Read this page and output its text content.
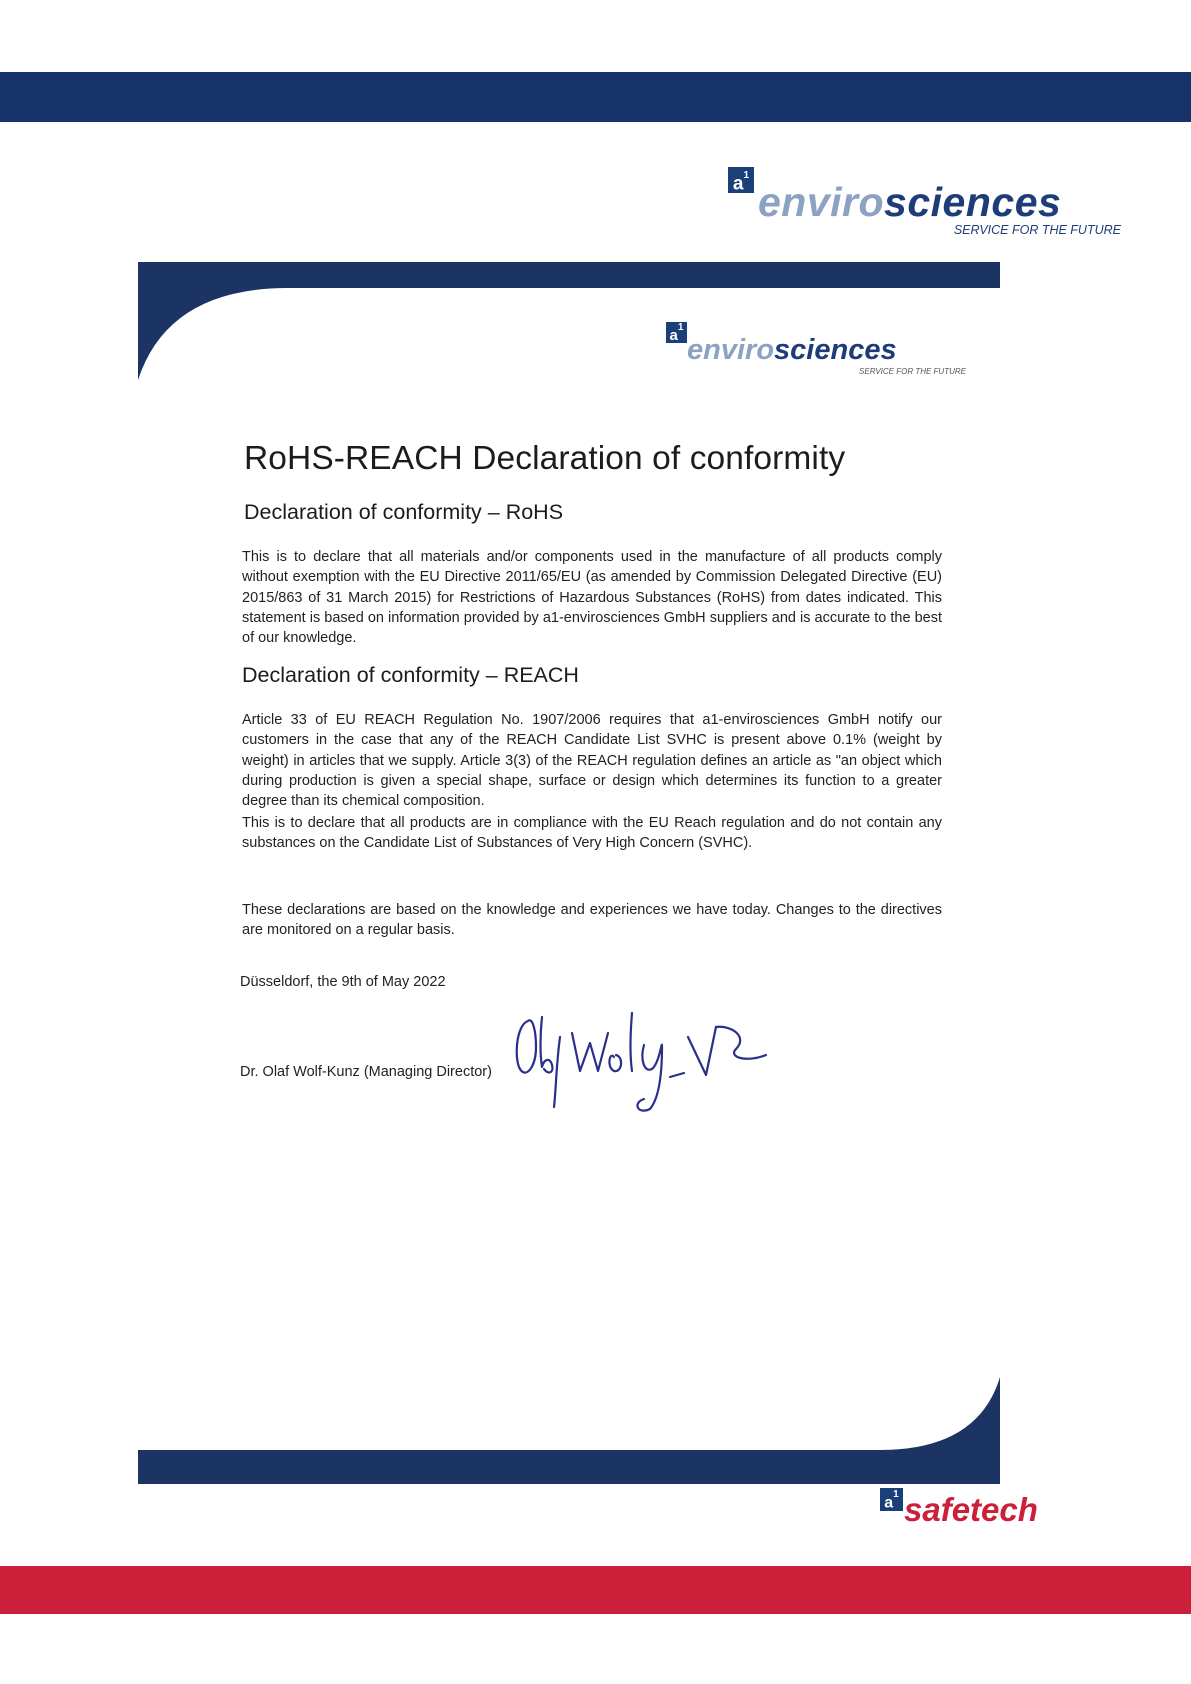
$a^1$
envirosciences
SERVICE FOR THE FUTURE
$a^1$
envirosciences
SERVICE FOR THE FUTURE
RoHS-REACH Declaration of conformity
Declaration of conformity – RoHS

This is to declare that all materials and/or components used in the manufacture of all products comply without exemption with the EU Directive 2011/65/EU (as amended by Commission Delegated Directive (EU) 2015/863 of 31 March 2015) for Restrictions of Hazardous Substances (RoHS) from dates indicated. This statement is based on information provided by a1-envirosciences GmbH suppliers and is accurate to the best of our knowledge.

Declaration of conformity – REACH

Article 33 of EU REACH Regulation No. 1907/2006 requires that a1-envirosciences GmbH notify our customers in the case that any of the REACH Candidate List SVHC is present above 0.1% (weight by weight) in articles that we supply. Article 3(3) of the REACH regulation defines an article as "an object which during production is given a special shape, surface or design which determines its function to a greater degree than its chemical composition.

This is to declare that all products are in compliance with the EU Reach regulation and do not contain any substances on the Candidate List of Substances of Very High Concern (SVHC).

These declarations are based on the knowledge and experiences we have today. Changes to the directives are monitored on a regular basis.

Düsseldorf, the 9th of May 2022
Dr. Olaf Wolf-Kunz (Managing Director)
$a^1$ safetech
